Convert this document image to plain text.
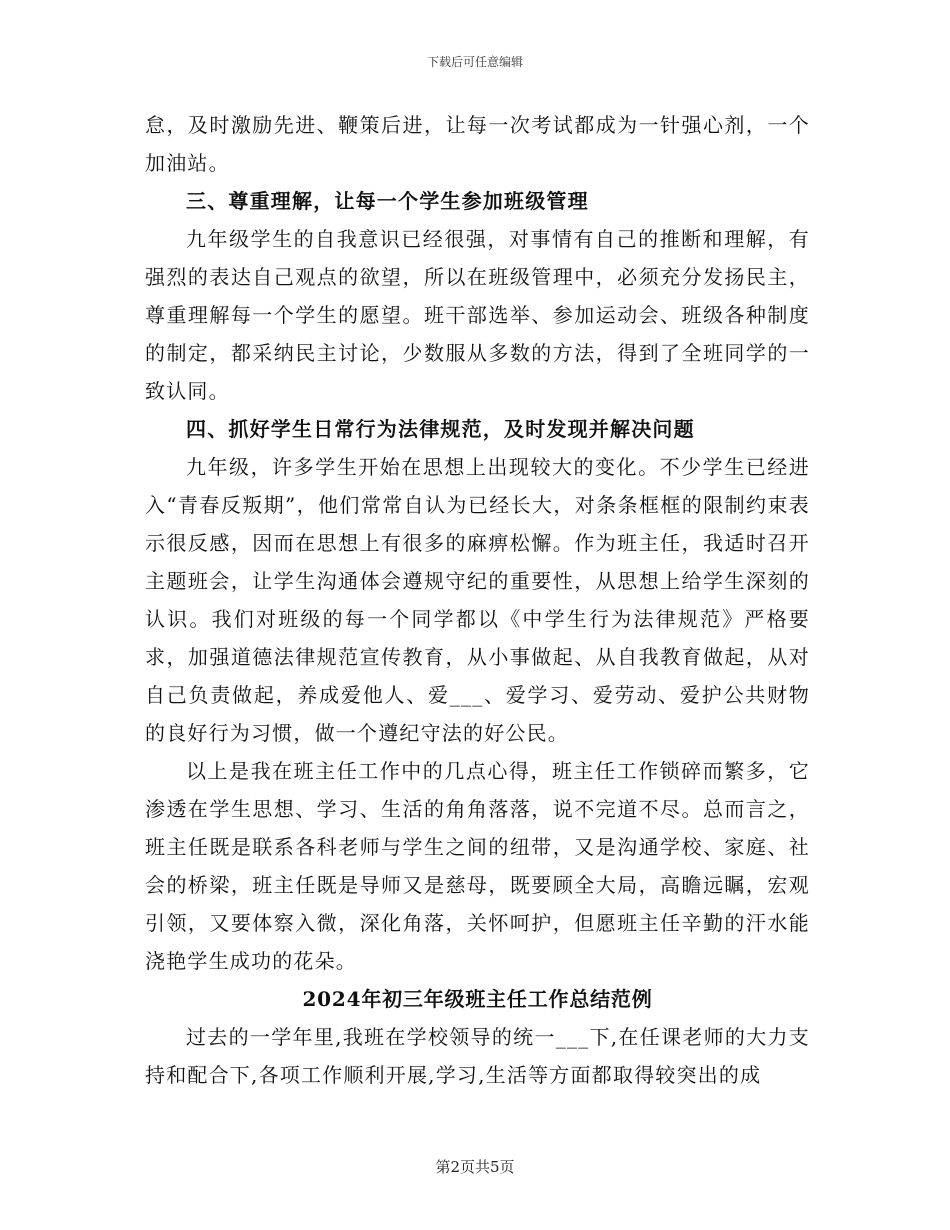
下载后可任意编辑

怠，及时激励先进、鞭策后进，让每一次考试都成为一针强心剂，一个加油站。

三、尊重理解，让每一个学生参加班级管理

九年级学生的自我意识已经很强，对事情有自己的推断和理解，有强烈的表达自己观点的欲望，所以在班级管理中，必须充分发扬民主，尊重理解每一个学生的愿望。班干部选举、参加运动会、班级各种制度的制定，都采纳民主讨论，少数服从多数的方法，得到了全班同学的一致认同。

四、抓好学生日常行为法律规范，及时发现并解决问题

九年级，许多学生开始在思想上出现较大的变化。不少学生已经进入“青春反叛期”，他们常常自认为已经长大，对条条框框的限制约束表示很反感，因而在思想上有很多的麻痹松懈。作为班主任，我适时召开主题班会，让学生沟通体会遵规守纪的重要性，从思想上给学生深刻的认识。我们对班级的每一个同学都以《中学生行为法律规范》严格要求，加强道德法律规范宣传教育，从小事做起、从自我教育做起，从对自己负责做起，养成爱他人、爱___、爱学习、爱劳动、爱护公共财物的良好行为习惯，做一个遵纪守法的好公民。

以上是我在班主任工作中的几点心得，班主任工作锁碎而繁多，它渗透在学生思想、学习、生活的角角落落，说不完道不尽。总而言之，班主任既是联系各科老师与学生之间的纽带，又是沟通学校、家庭、社会的桥梁，班主任既是导师又是慈母，既要顾全大局，高瞻远瞩，宏观引领，又要体察入微，深化角落，关怀呵护，但愿班主任辛勤的汗水能浇艳学生成功的花朵。

2024年初三年级班主任工作总结范例

过去的一学年里,我班在学校领导的统一___下,在任课老师的大力支持和配合下,各项工作顺利开展,学习,生活等方面都取得较突出的成

第2页共5页
